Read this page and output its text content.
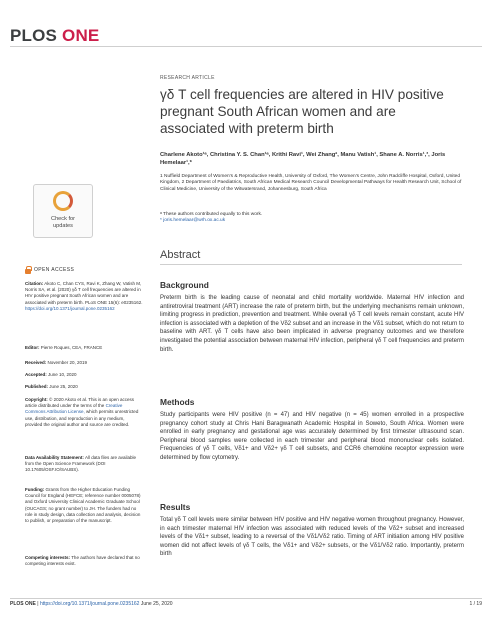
PLOS ONE
Check for
updates
OPEN ACCESS
Citation: Akoto C, Chan CYS, Ravi K, Zhang W, Vatish M, Norris SA, et al. (2020) γδ T cell frequencies are altered in HIV positive pregnant South African women and are associated with preterm birth. PLoS ONE 15(6): e0235162. https://doi.org/10.1371/journal.pone.0235162
Editor: Pierre Roques, CEA, FRANCE
Received: November 20, 2019
Accepted: June 10, 2020
Published: June 25, 2020
Copyright: © 2020 Akoto et al. This is an open access article distributed under the terms of the Creative Commons Attribution License, which permits unrestricted use, distribution, and reproduction in any medium, provided the original author and source are credited.
Data Availability Statement: All data files are available from the Open Science Framework (DOI 10.17605/OSF.IO/SAUBS).
Funding: Grants from the Higher Education Funding Council for England (HEFCE; reference number 0005078) and Oxford University Clinical Academic Graduate School (OUCAGS; no grant number) to JH. The funders had no role in study design, data collection and analysis, decision to publish, or preparation of the manuscript.
Competing interests: The authors have declared that no competing interests exist.
RESEARCH ARTICLE
γδ T cell frequencies are altered in HIV positive pregnant South African women and are associated with preterm birth
Charlene Akoto¹ᵃ, Christina Y. S. Chan¹ᵃ, Krithi Ravi¹, Wei Zhang², Manu Vatish¹, Shane A. Norris¹,³, Joris Hemelaar¹,*
1 Nuffield Department of Women's & Reproductive Health, University of Oxford, The Women's Centre, John Radcliffe Hospital, Oxford, United Kingdom, 2 Department of Paediatrics, South African Medical Research Council Developmental Pathways for Health Research Unit, School of Clinical Medicine, University of the Witwatersrand, Johannesburg, South Africa
ᵃ These authors contributed equally to this work.
* joris.hemelaar@wrh.ox.ac.uk
Abstract
Background
Preterm birth is the leading cause of neonatal and child mortality worldwide. Maternal HIV infection and antiretroviral treatment (ART) increase the rate of preterm birth, but the underlying mechanisms remain unknown, limiting progress in prediction, prevention and treatment. While overall γδ T cell levels remain constant, acute HIV infection is associated with a depletion of the Vδ2 subset and an increase in the Vδ1 subset, which do not return to baseline with ART. γδ T cells have also been implicated in adverse pregnancy outcomes and we therefore investigated the potential association between maternal HIV infection, peripheral γδ T cell frequencies and preterm birth.
Methods
Study participants were HIV positive (n = 47) and HIV negative (n = 45) women enrolled in a prospective pregnancy cohort study at Chris Hani Baragwanath Academic Hospital in Soweto, South Africa. Women were enrolled in early pregnancy and gestational age was accurately determined by first trimester ultrasound scan. Peripheral blood samples were collected in each trimester and peripheral blood mononuclear cells isolated. Frequencies of γδ T cells, Vδ1+ and Vδ2+ γδ T cell subsets, and CCR6 chemokine receptor expression were determined by flow cytometry.
Results
Total γδ T cell levels were similar between HIV positive and HIV negative women throughout pregnancy. However, in each trimester maternal HIV infection was associated with reduced levels of the Vδ2+ subset and increased levels of the Vδ1+ subset, leading to a reversal of the Vδ1/Vδ2 ratio. Timing of ART initiation among HIV positive women did not affect levels of γδ T cells, the Vδ1+ and Vδ2+ subsets, or the Vδ1/Vδ2 ratio. Importantly, preterm birth
PLOS ONE | https://doi.org/10.1371/journal.pone.0235162 June 25, 2020	1 / 19
